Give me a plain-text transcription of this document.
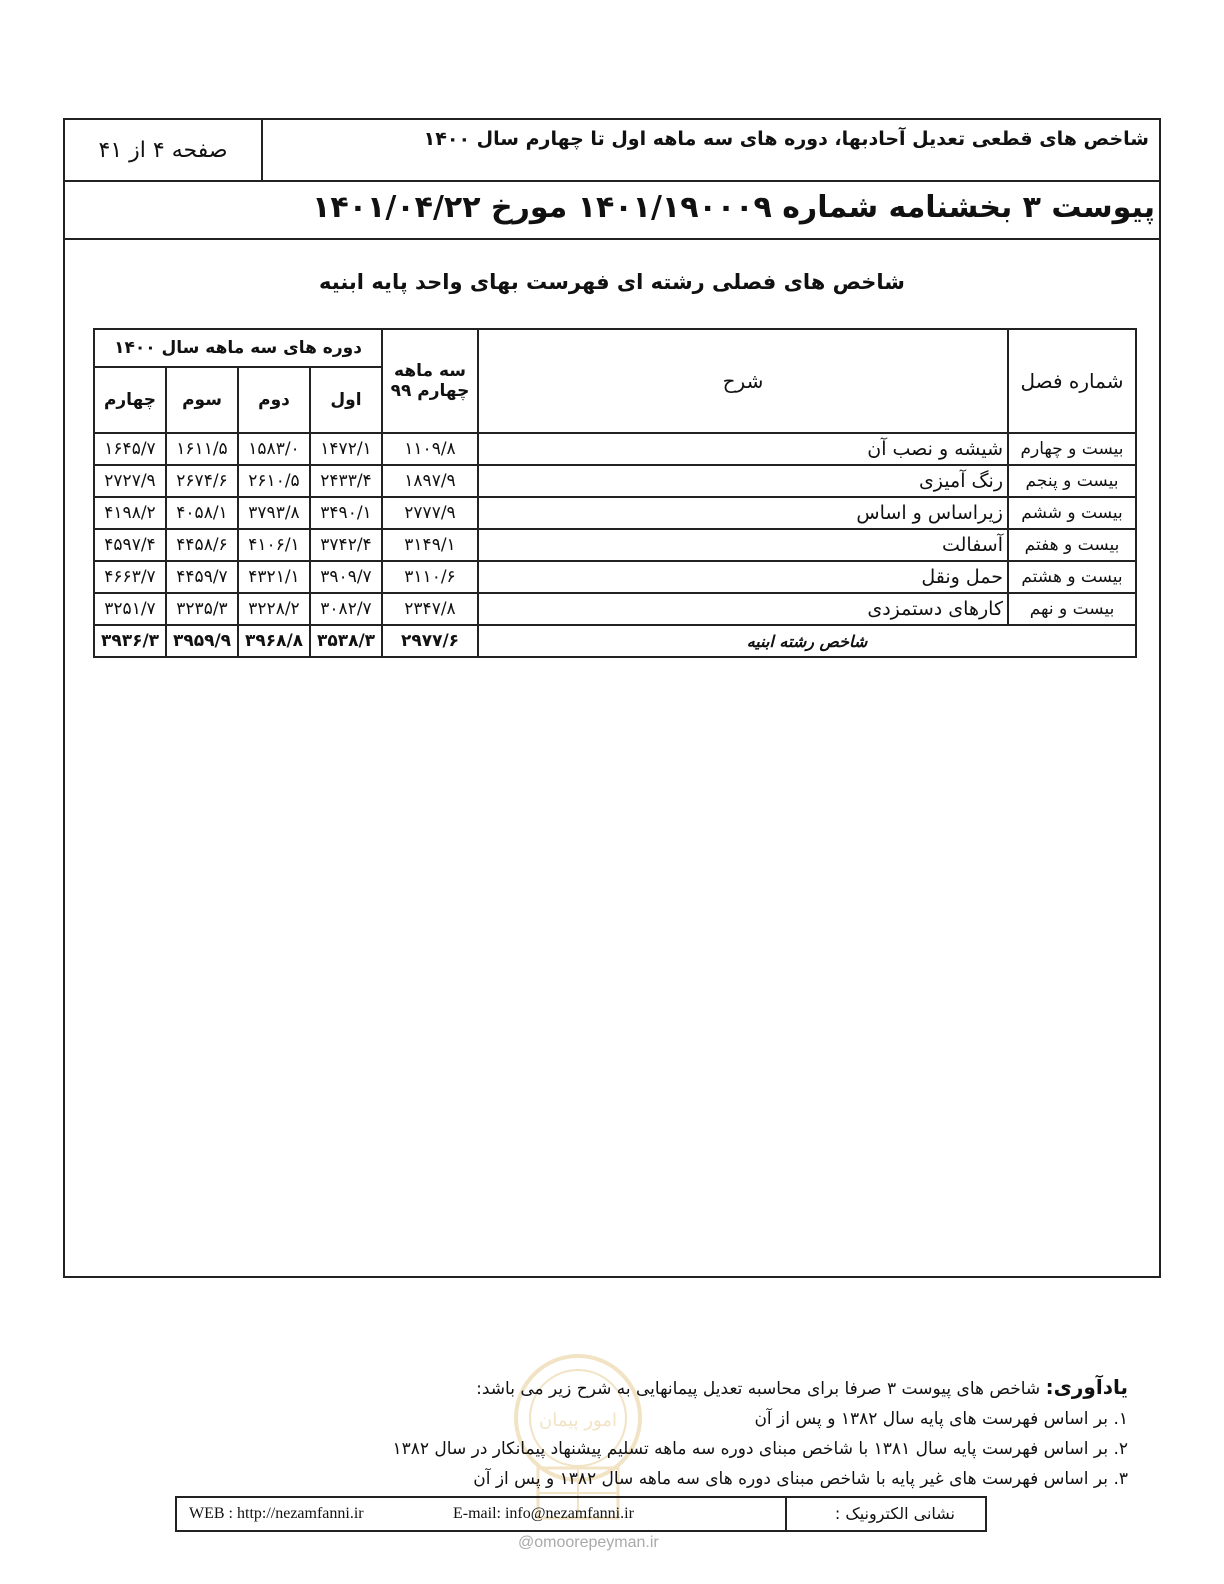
صفحه ۴ از ۴۱	شاخص های قطعی تعدیل آحادبها، دوره های سه ماهه اول تا چهارم سال ۱۴۰۰
پیوست ۳ بخشنامه شماره ۱۴۰۱/۱۹۰۰۰۹ مورخ ۱۴۰۱/۰۴/۲۲
شاخص های فصلی رشته ای فهرست بهای واحد پایه ابنیه
شماره فصل	شرح	سه ماهه چهارم ۹۹	دوره های سه ماهه سال ۱۴۰۰			
			اول	دوم	سوم	چهارم
بیست و چهارم	شیشه و نصب آن	۱۱۰۹/۸	۱۴۷۲/۱	۱۵۸۳/۰	۱۶۱۱/۵	۱۶۴۵/۷
بیست و پنجم	رنگ آمیزی	۱۸۹۷/۹	۲۴۳۳/۴	۲۶۱۰/۵	۲۶۷۴/۶	۲۷۲۷/۹
بیست و ششم	زیراساس و اساس	۲۷۷۷/۹	۳۴۹۰/۱	۳۷۹۳/۸	۴۰۵۸/۱	۴۱۹۸/۲
بیست و هفتم	آسفالت	۳۱۴۹/۱	۳۷۴۲/۴	۴۱۰۶/۱	۴۴۵۸/۶	۴۵۹۷/۴
بیست و هشتم	حمل ونقل	۳۱۱۰/۶	۳۹۰۹/۷	۴۳۲۱/۱	۴۴۵۹/۷	۴۶۶۳/۷
بیست و نهم	کارهای دستمزدی	۲۳۴۷/۸	۳۰۸۲/۷	۳۲۲۸/۲	۳۲۳۵/۳	۳۲۵۱/۷
شاخص رشته ابنیه		۲۹۷۷/۶	۳۵۳۸/۳	۳۹۶۸/۸	۳۹۵۹/۹	۳۹۳۶/۳
امور پیمان
یادآوری: شاخص های پیوست ۳ صرفا برای محاسبه تعدیل پیمانهایی به شرح زیر می باشد:
۱. بر اساس فهرست های پایه سال ۱۳۸۲ و پس از آن
۲. بر اساس فهرست پایه سال ۱۳۸۱ با شاخص مبنای دوره سه ماهه تسلیم پیشنهاد پیمانکار در سال ۱۳۸۲
۳. بر اساس فهرست های غیر پایه با شاخص مبنای دوره های سه ماهه سال ۱۳۸۲ و پس از آن
نشانی الکترونیک :
E-mail: info@nezamfanni.ir
WEB : http://nezamfanni.ir
@omoorepeyman.ir
